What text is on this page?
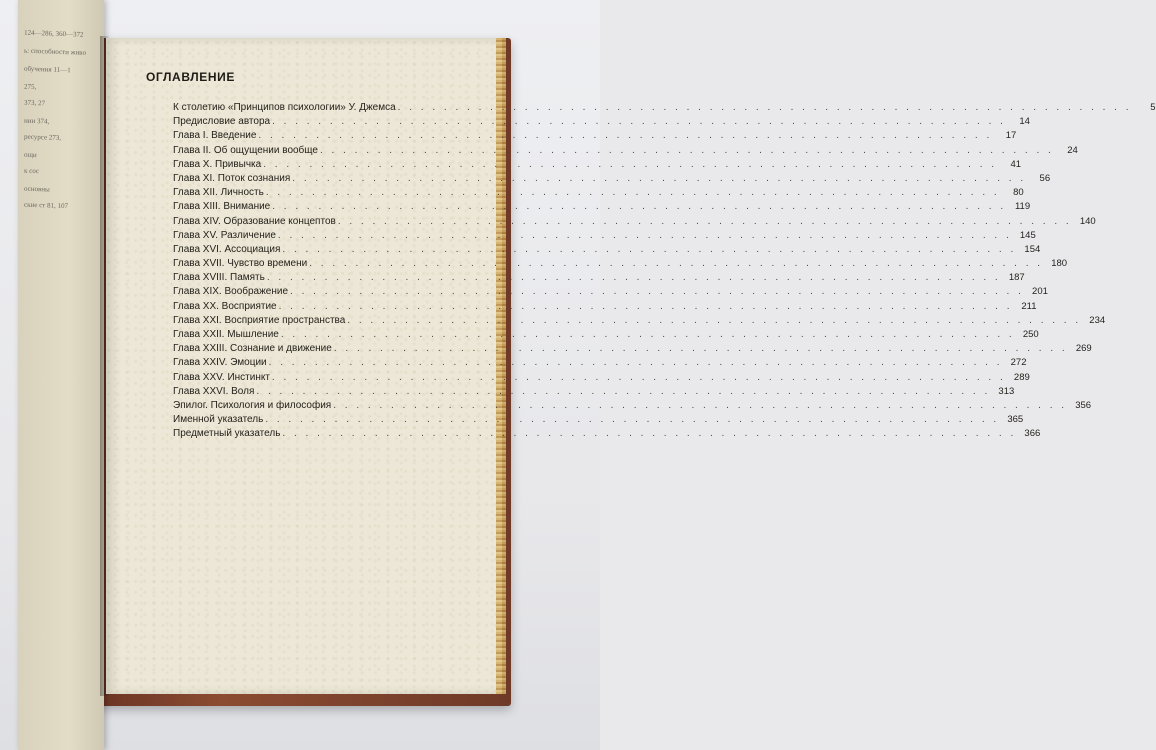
124—286, 360—372
ь: способности живо
обучения 11—1
275,
373, 27
нии 374,
ресурсе 273,
ощи
к сос
основны
ские ст 81, 107
ОГЛАВЛЕНИЕ
К столетию «Принципов психологии» У. Джемса . . .	5
Предисловие автора . . .	14
Глава I. Введение . . .	17
Глава II. Об ощущении вообще . . .	24
Глава X. Привычка . . .	41
Глава XI. Поток сознания . . .	56
Глава XII. Личность . . .	80
Глава XIII. Внимание . . .	119
Глава XIV. Образование концептов . . .	140
Глава XV. Различение . . .	145
Глава XVI. Ассоциация . . .	154
Глава XVII. Чувство времени . . .	180
Глава XVIII. Память . . .	187
Глава XIX. Воображение . . .	201
Глава XX. Восприятие . . .	211
Глава XXI. Восприятие пространства . . .	234
Глава XXII. Мышление . . .	250
Глава XXIII. Сознание и движение . . .	269
Глава XXIV. Эмоции . . .	272
Глава XXV. Инстинкт . . .	289
Глава XXVI. Воля . . .	313
Эпилог. Психология и философия . . .	356
Именной указатель . . .	365
Предметный указатель . . .	366
